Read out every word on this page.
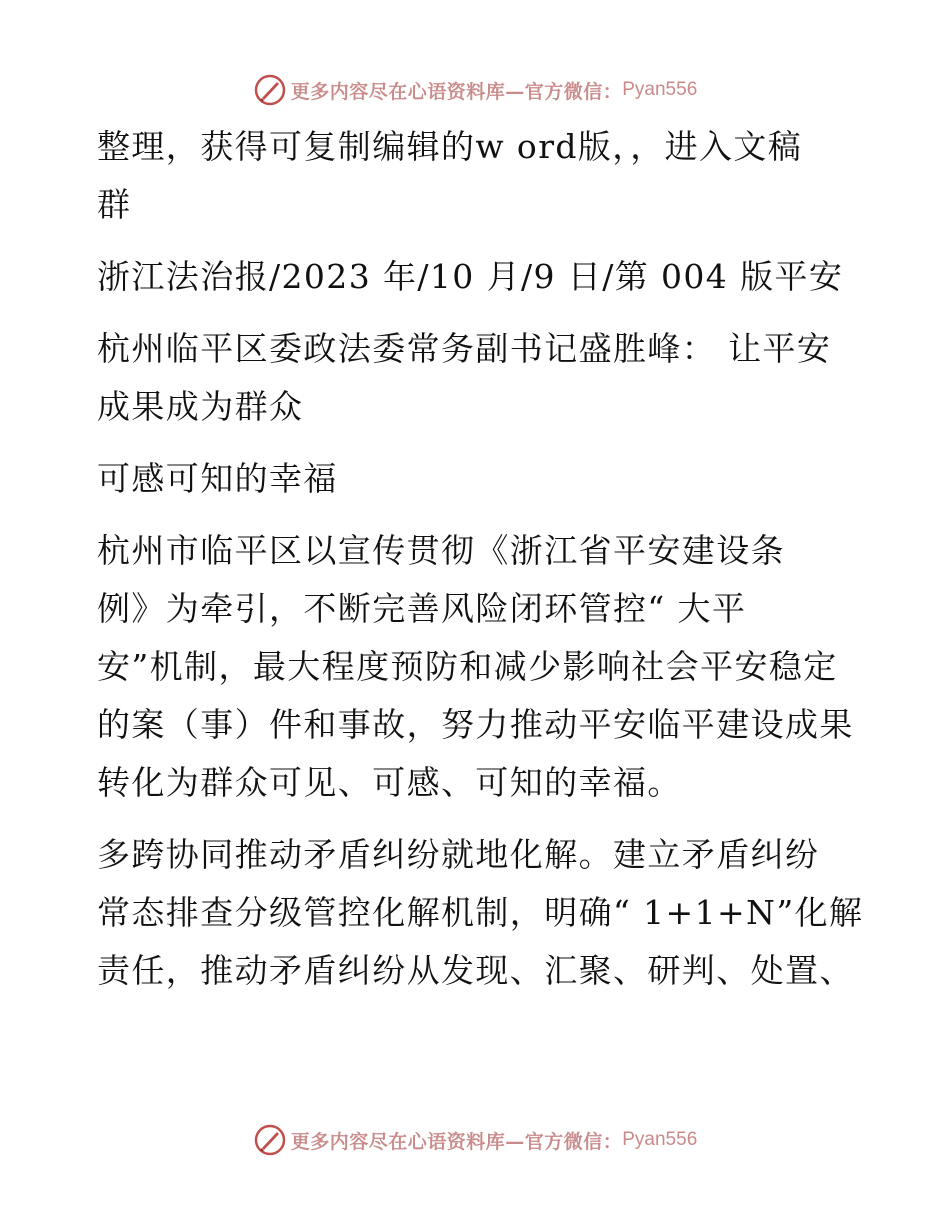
更多内容尽在心语资料库—官方微信： Pyan556

整理，获得可复制编辑的w ord版，，进入文稿
群

浙江法治报/2023 年/10 月/9 日/第 004 版平安

杭州临平区委政法委常务副书记盛胜峰： 让平安
成果成为群众

可感可知的幸福

杭州市临平区以宣传贯彻《浙江省平安建设条
例》为牵引，不断完善风险闭环管控“ 大平
安”机制，最大程度预防和减少影响社会平安稳定
的案（事）件和事故，努力推动平安临平建设成果
转化为群众可见、可感、可知的幸福。

多跨协同推动矛盾纠纷就地化解。建立矛盾纠纷
常态排查分级管控化解机制，明确“ 1+1+N”化解
责任，推动矛盾纠纷从发现、汇聚、研判、处置、

更多内容尽在心语资料库—官方微信： Pyan556
